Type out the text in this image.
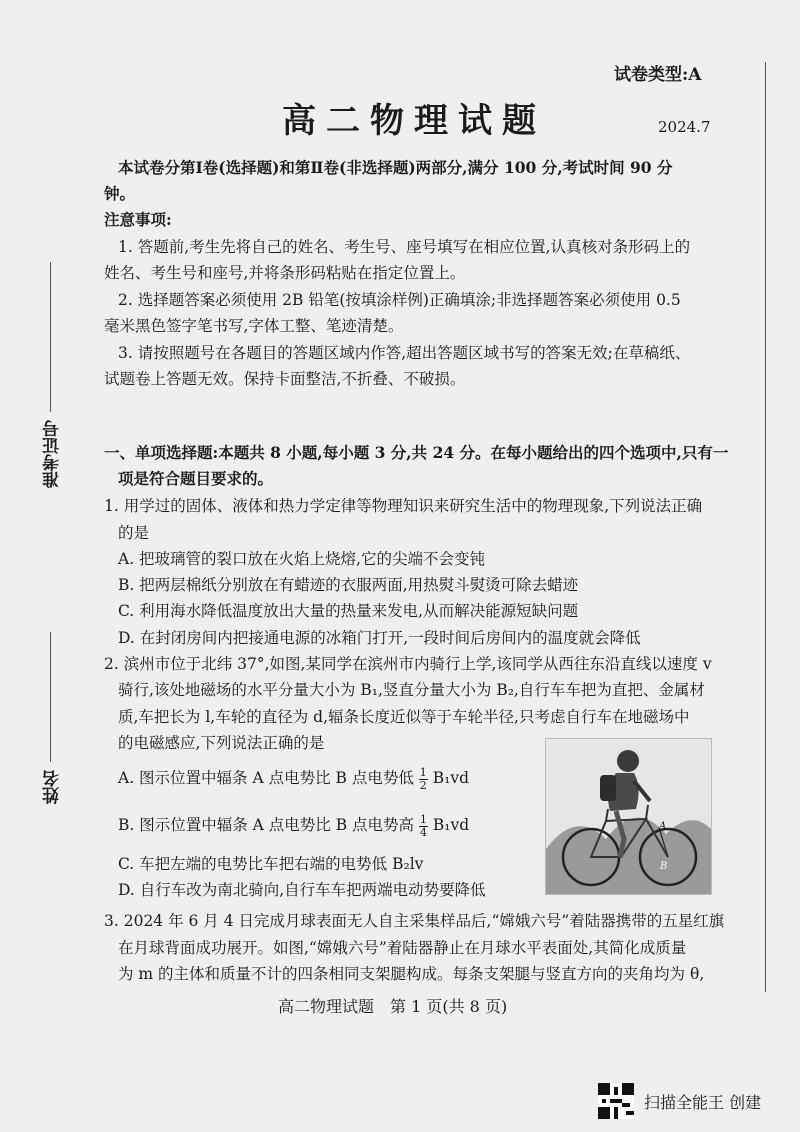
试卷类型:A
高二物理试题	2024.7
本试卷分第Ⅰ卷(选择题)和第Ⅱ卷(非选择题)两部分,满分 100 分,考试时间 90 分
钟。
注意事项:
1. 答题前,考生先将自己的姓名、考生号、座号填写在相应位置,认真核对条形码上的
姓名、考生号和座号,并将条形码粘贴在指定位置上。
2. 选择题答案必须使用 2B 铅笔(按填涂样例)正确填涂;非选择题答案必须使用 0.5
毫米黑色签字笔书写,字体工整、笔迹清楚。
3. 请按照题号在各题目的答题区域内作答,超出答题区域书写的答案无效;在草稿纸、
试题卷上答题无效。保持卡面整洁,不折叠、不破损。
准考证号
姓名
一、单项选择题:本题共 8 小题,每小题 3 分,共 24 分。在每小题给出的四个选项中,只有一
项是符合题目要求的。
1. 用学过的固体、液体和热力学定律等物理知识来研究生活中的物理现象,下列说法正确
的是
A. 把玻璃管的裂口放在火焰上烧熔,它的尖端不会变钝
B. 把两层棉纸分别放在有蜡迹的衣服两面,用热熨斗熨烫可除去蜡迹
C. 利用海水降低温度放出大量的热量来发电,从而解决能源短缺问题
D. 在封闭房间内把接通电源的冰箱门打开,一段时间后房间内的温度就会降低
2. 滨州市位于北纬 37°,如图,某同学在滨州市内骑行上学,该同学从西往东沿直线以速度 v
骑行,该处地磁场的水平分量大小为 B₁,竖直分量大小为 B₂,自行车车把为直把、金属材
质,车把长为 l,车轮的直径为 d,辐条长度近似等于车轮半径,只考虑自行车在地磁场中
的电磁感应,下列说法正确的是
A. 图示位置中辐条 A 点电势比 B 点电势低 $\frac{1}{2} B_1vd$
B. 图示位置中辐条 A 点电势比 B 点电势高 $\frac{1}{4} B_1vd$
C. 车把左端的电势比车把右端的电势低 B₂lv
D. 自行车改为南北骑向,自行车车把两端电动势要降低
A
B
3. 2024 年 6 月 4 日完成月球表面无人自主采集样品后,“嫦娥六号”着陆器携带的五星红旗
在月球背面成功展开。如图,“嫦娥六号”着陆器静止在月球水平表面处,其简化成质量
为 m 的主体和质量不计的四条相同支架腿构成。每条支架腿与竖直方向的夹角均为 θ,
高二物理试题　第 1 页(共 8 页)
扫描全能王 创建
